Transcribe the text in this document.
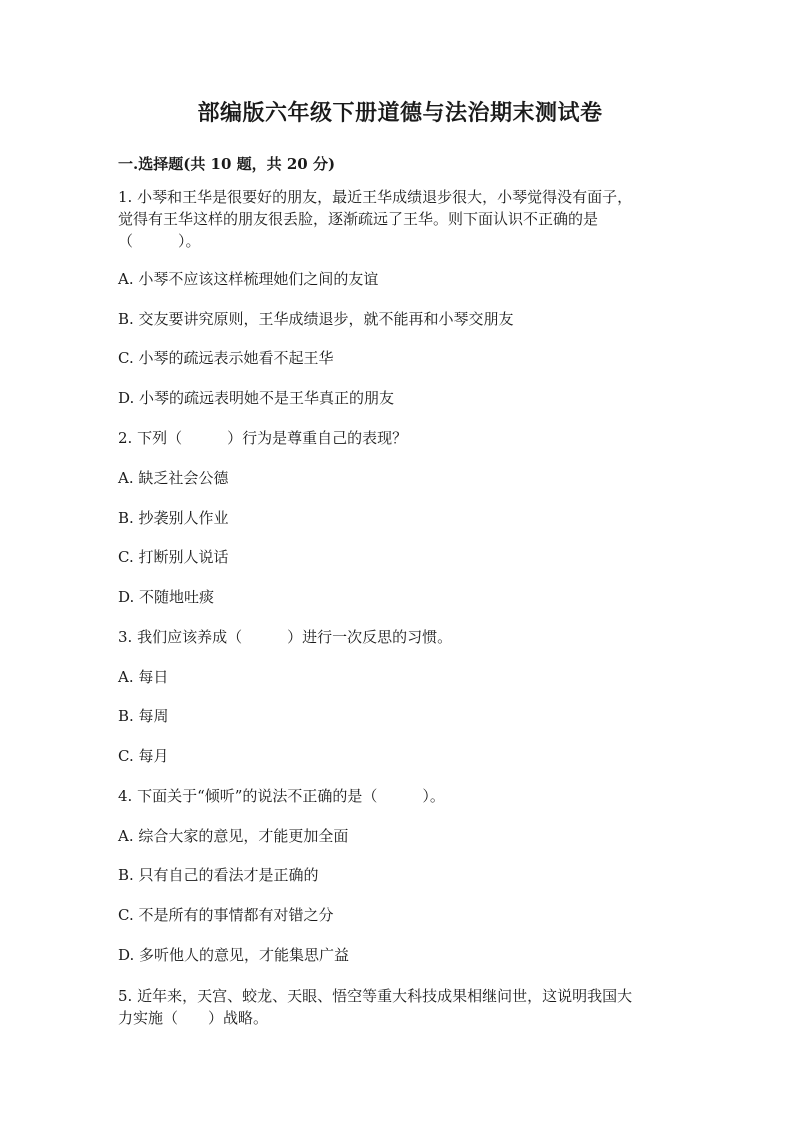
部编版六年级下册道德与法治期末测试卷
一.选择题(共 10 题，共 20 分)
1. 小琴和王华是很要好的朋友，最近王华成绩退步很大，小琴觉得没有面子，
觉得有王华这样的朋友很丢脸，逐渐疏远了王华。则下面认识不正确的是
（　　　）。
A. 小琴不应该这样梳理她们之间的友谊
B. 交友要讲究原则，王华成绩退步，就不能再和小琴交朋友
C. 小琴的疏远表示她看不起王华
D. 小琴的疏远表明她不是王华真正的朋友
2. 下列（　　　）行为是尊重自己的表现？
A. 缺乏社会公德
B. 抄袭别人作业
C. 打断别人说话
D. 不随地吐痰
3. 我们应该养成（　　　）进行一次反思的习惯。
A. 每日
B. 每周
C. 每月
4. 下面关于“倾听”的说法不正确的是（　　　）。
A. 综合大家的意见，才能更加全面
B. 只有自己的看法才是正确的
C. 不是所有的事情都有对错之分
D. 多听他人的意见，才能集思广益
5. 近年来，天宫、蛟龙、天眼、悟空等重大科技成果相继问世，这说明我国大
力实施（　　）战略。
